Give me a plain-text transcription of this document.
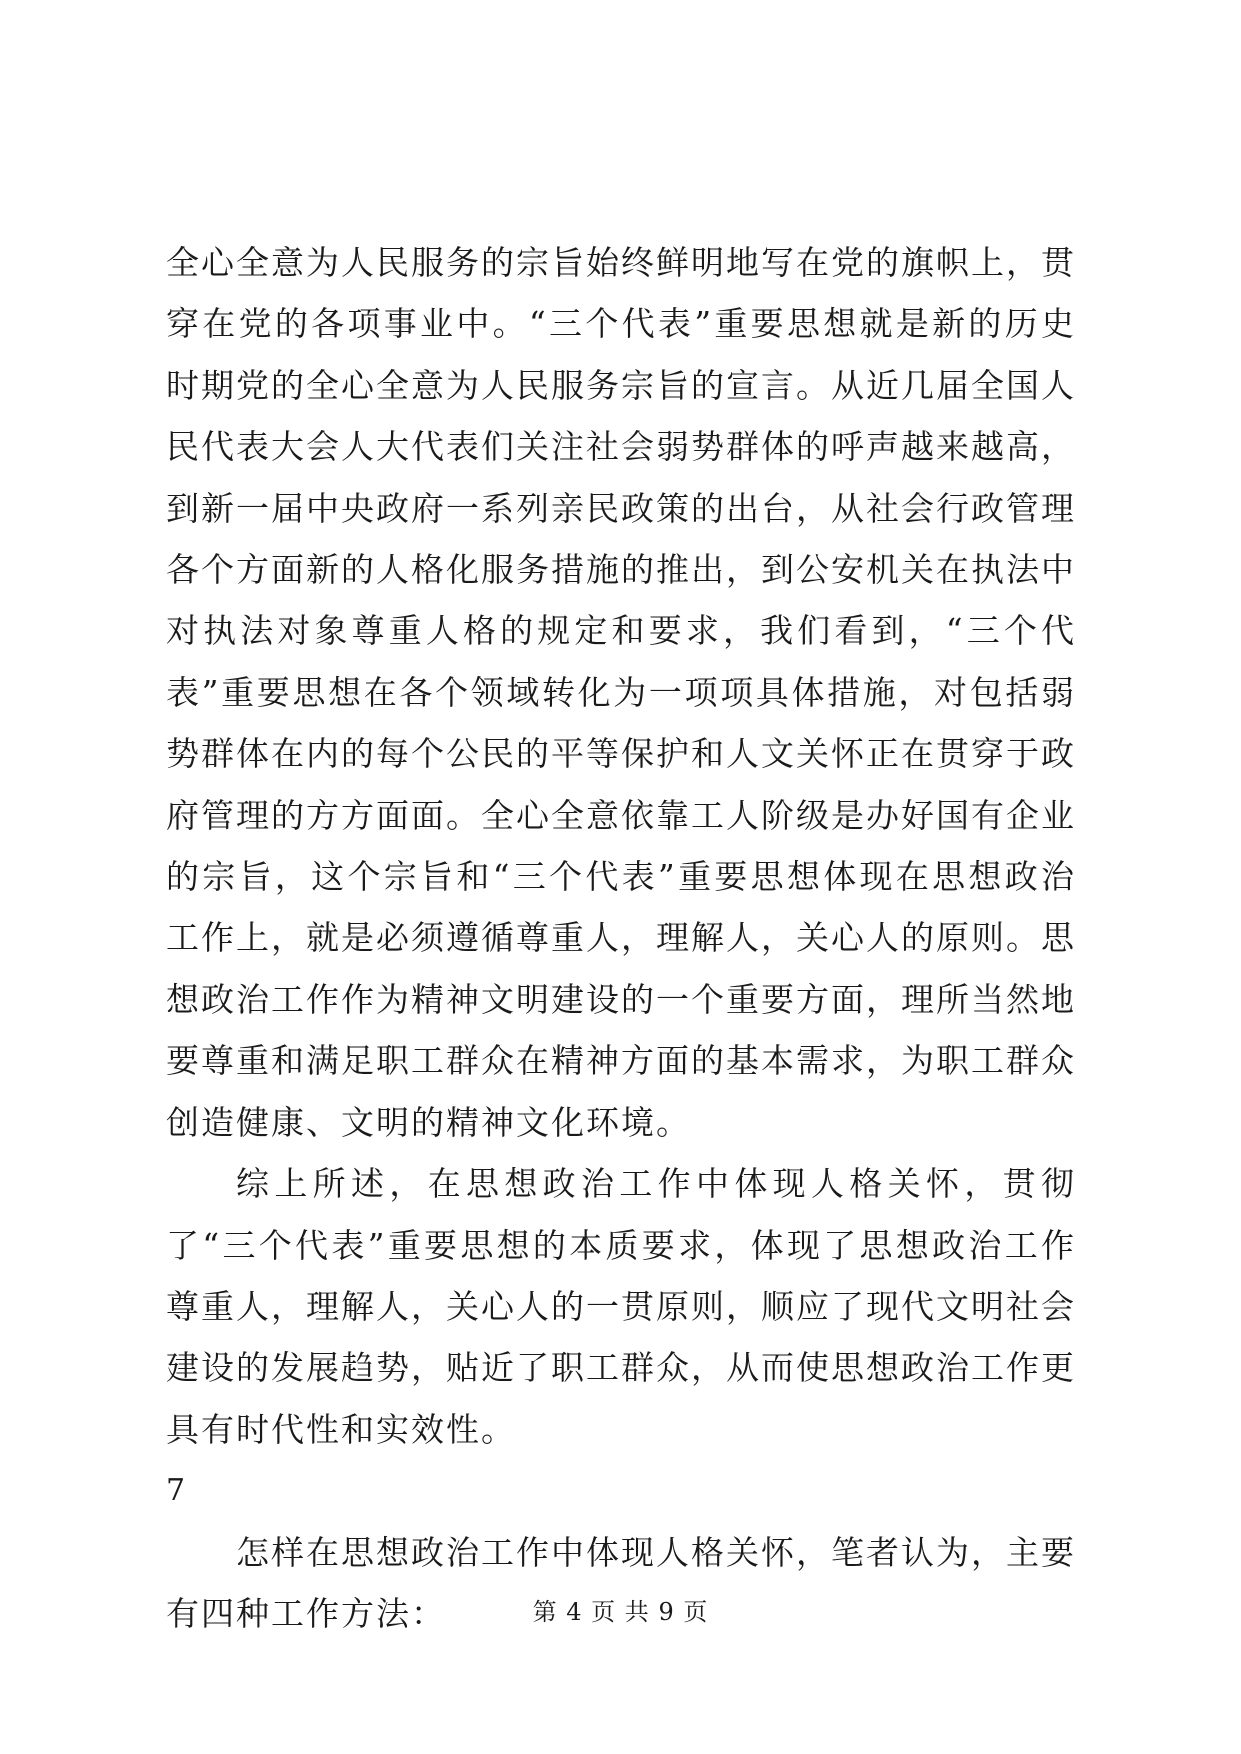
全心全意为人民服务的宗旨始终鲜明地写在党的旗帜上，贯穿在党的各项事业中。“三个代表”重要思想就是新的历史时期党的全心全意为人民服务宗旨的宣言。从近几届全国人民代表大会人大代表们关注社会弱势群体的呼声越来越高，到新一届中央政府一系列亲民政策的出台，从社会行政管理各个方面新的人格化服务措施的推出，到公安机关在执法中对执法对象尊重人格的规定和要求，我们看到，“三个代表”重要思想在各个领域转化为一项项具体措施，对包括弱势群体在内的每个公民的平等保护和人文关怀正在贯穿于政府管理的方方面面。全心全意依靠工人阶级是办好国有企业的宗旨，这个宗旨和“三个代表”重要思想体现在思想政治工作上，就是必须遵循尊重人，理解人，关心人的原则。思想政治工作作为精神文明建设的一个重要方面，理所当然地要尊重和满足职工群众在精神方面的基本需求，为职工群众创造健康、文明的精神文化环境。

综上所述，在思想政治工作中体现人格关怀，贯彻了“三个代表”重要思想的本质要求，体现了思想政治工作尊重人，理解人，关心人的一贯原则，顺应了现代文明社会建设的发展趋势，贴近了职工群众，从而使思想政治工作更具有时代性和实效性。

7

怎样在思想政治工作中体现人格关怀，笔者认为，主要有四种工作方法：	第 4 页 共 9 页
